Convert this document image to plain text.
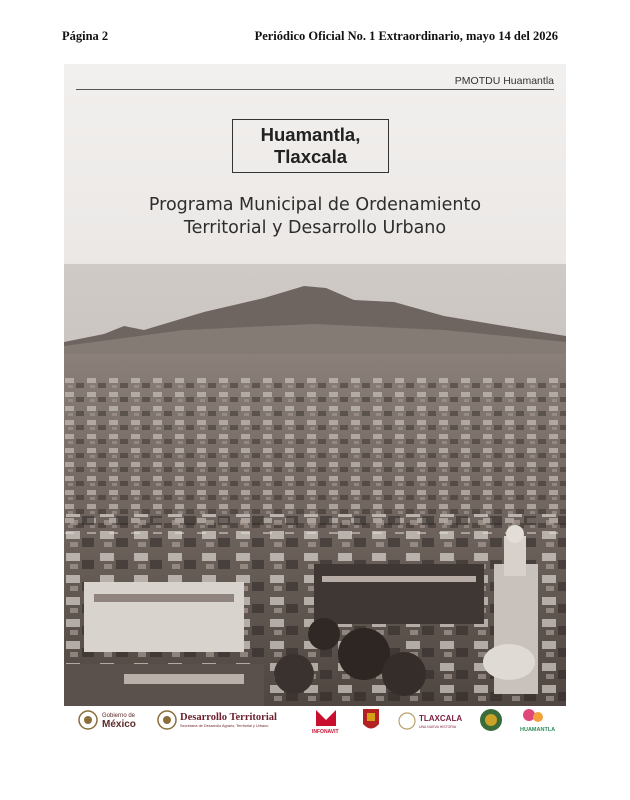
Página 2	Periódico Oficial No. 1 Extraordinario, mayo 14 del 2026
PMOTDU Huamantla
Huamantla,
Tlaxcala
Programa Municipal de Ordenamiento
Territorial y Desarrollo Urbano
Gobierno de
México
Desarrollo Territorial
Secretaría de Desarrollo Agrario, Territorial y Urbano
INFONAVIT
TLAXCALA
UNA NUEVA HISTORIA	HUAMANTLA
